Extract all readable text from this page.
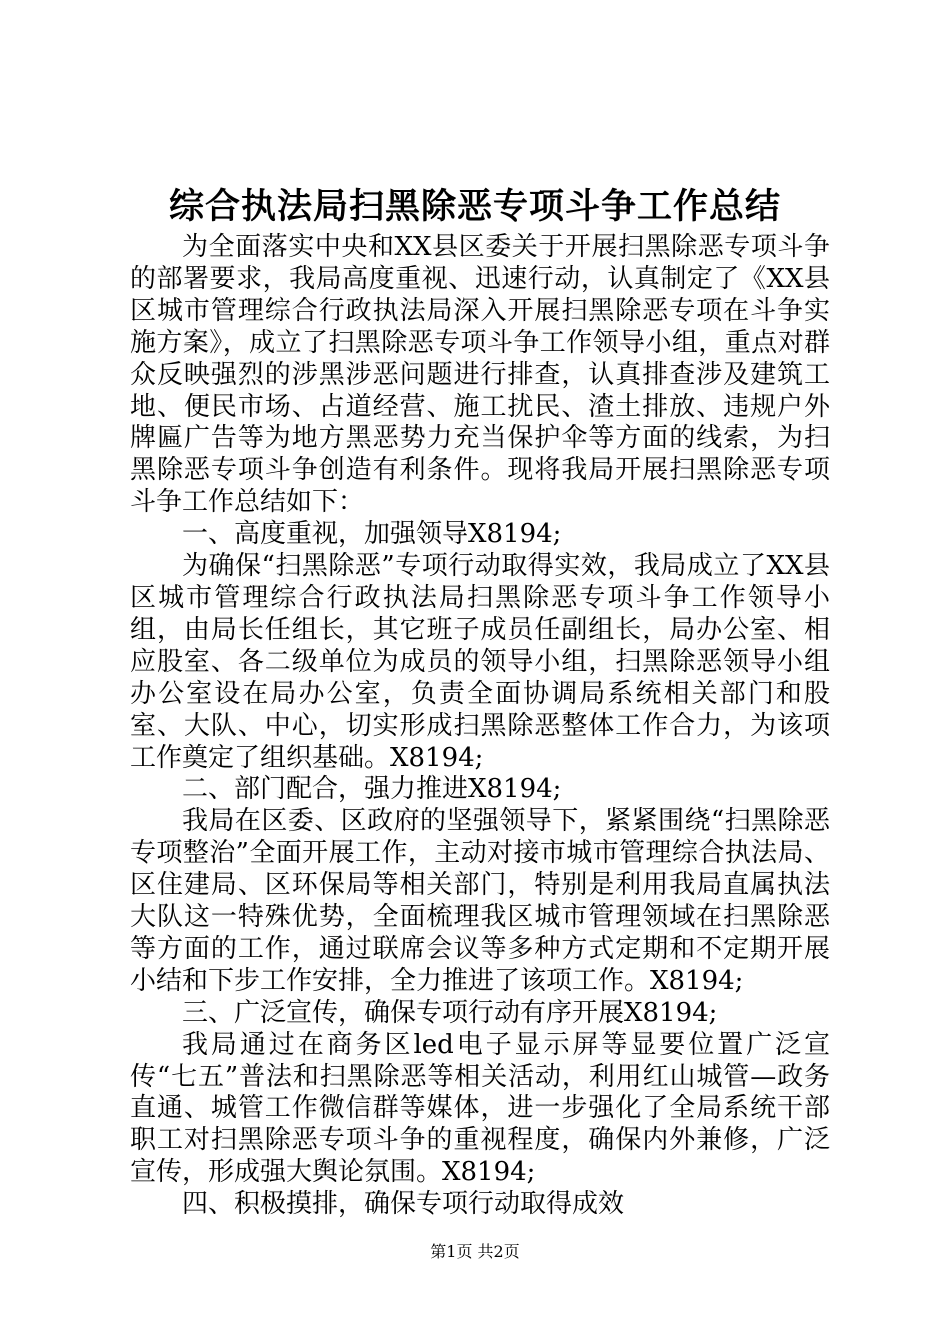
综合执法局扫黑除恶专项斗争工作总结

为全面落实中央和XX县区委关于开展扫黑除恶专项斗争的部署要求，我局高度重视、迅速行动，认真制定了《XX县区城市管理综合行政执法局深入开展扫黑除恶专项在斗争实施方案》，成立了扫黑除恶专项斗争工作领导小组，重点对群众反映强烈的涉黑涉恶问题进行排查，认真排查涉及建筑工地、便民市场、占道经营、施工扰民、渣土排放、违规户外牌匾广告等为地方黑恶势力充当保护伞等方面的线索，为扫黑除恶专项斗争创造有利条件。现将我局开展扫黑除恶专项斗争工作总结如下：

一、高度重视，加强领导X8194;

为确保“扫黑除恶”专项行动取得实效，我局成立了XX县区城市管理综合行政执法局扫黑除恶专项斗争工作领导小组，由局长任组长，其它班子成员任副组长，局办公室、相应股室、各二级单位为成员的领导小组，扫黑除恶领导小组办公室设在局办公室，负责全面协调局系统相关部门和股室、大队、中心，切实形成扫黑除恶整体工作合力，为该项工作奠定了组织基础。X8194;

二、部门配合，强力推进X8194;

我局在区委、区政府的坚强领导下，紧紧围绕“扫黑除恶专项整治”全面开展工作，主动对接市城市管理综合执法局、区住建局、区环保局等相关部门，特别是利用我局直属执法大队这一特殊优势，全面梳理我区城市管理领域在扫黑除恶等方面的工作，通过联席会议等多种方式定期和不定期开展小结和下步工作安排，全力推进了该项工作。X8194;

三、广泛宣传，确保专项行动有序开展X8194;

我局通过在商务区led电子显示屏等显要位置广泛宣传“七五”普法和扫黑除恶等相关活动，利用红山城管—政务直通、城管工作微信群等媒体，进一步强化了全局系统干部职工对扫黑除恶专项斗争的重视程度，确保内外兼修，广泛宣传，形成强大舆论氛围。X8194;

四、积极摸排，确保专项行动取得成效

第1页 共2页
